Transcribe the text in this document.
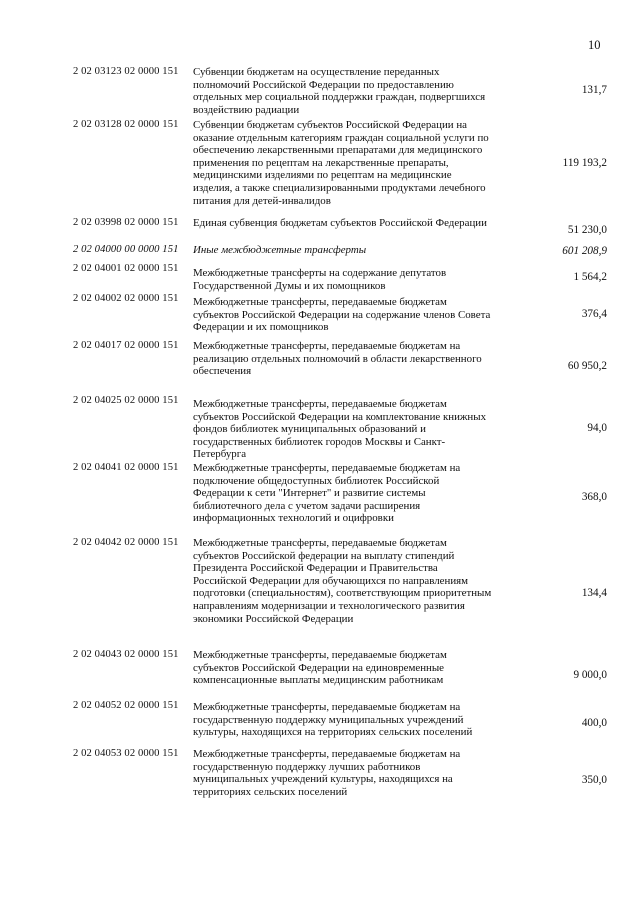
10
2 02 03123 02 0000 151 Субвенции бюджетам на осуществление переданных полномочий Российской Федерации по предоставлению отдельных мер социальной поддержки граждан, подвергшихся воздействию радиации
131,7
2 02 03128 02 0000 151 Субвенции бюджетам субъектов Российской Федерации на оказание отдельным категориям граждан социальной услуги по обеспечению лекарственными препаратами для медицинского применения по рецептам на лекарственные препараты, медицинскими изделиями по рецептам на медицинские изделия, а также специализированными продуктами лечебного питания для детей-инвалидов
119 193,2
2 02 03998 02 0000 151 Единая субвенция бюджетам субъектов Российской Федерации
51 230,0
2 02 04000 00 0000 151 Иные межбюджетные трансферты	601 208,9
2 02 04001 02 0000 151 Межбюджетные трансферты на содержание депутатов Государственной Думы и их помощников
1 564,2
2 02 04002 02 0000 151 Межбюджетные трансферты, передаваемые бюджетам субъектов Российской Федерации на содержание членов Совета Федерации и их помощников
376,4
2 02 04017 02 0000 151 Межбюджетные трансферты, передаваемые бюджетам на реализацию отдельных полномочий в области лекарственного обеспечения	60 950,2
2 02 04025 02 0000 151 Межбюджетные трансферты, передаваемые бюджетам субъектов Российской Федерации на комплектование книжных фондов библиотек муниципальных образований и государственных библиотек городов Москвы и Санкт-Петербурга
94,0
2 02 04041 02 0000 151 Межбюджетные трансферты, передаваемые бюджетам на подключение общедоступных библиотек Российской Федерации к сети "Интернет" и развитие системы библиотечного дела с учетом задачи расширения информационных технологий и оцифровки
368,0
2 02 04042 02 0000 151 Межбюджетные трансферты, передаваемые бюджетам субъектов Российской федерации на выплату стипендий Президента Российской Федерации и Правительства Российской Федерации для обучающихся по направлениям подготовки (специальностям), соответствующим приоритетным направлениям модернизации и технологического развития экономики Российской Федерации
134,4
2 02 04043 02 0000 151 Межбюджетные трансферты, передаваемые бюджетам субъектов Российской Федерации на единовременные компенсационные выплаты медицинским работникам	9 000,0
2 02 04052 02 0000 151 Межбюджетные трансферты, передаваемые бюджетам на государственную поддержку муниципальных учреждений культуры, находящихся на территориях сельских поселений
400,0
2 02 04053 02 0000 151 Межбюджетные трансферты, передаваемые бюджетам на государственную поддержку лучших работников муниципальных учреждений культуры, находящихся на территориях сельских поселений
350,0
